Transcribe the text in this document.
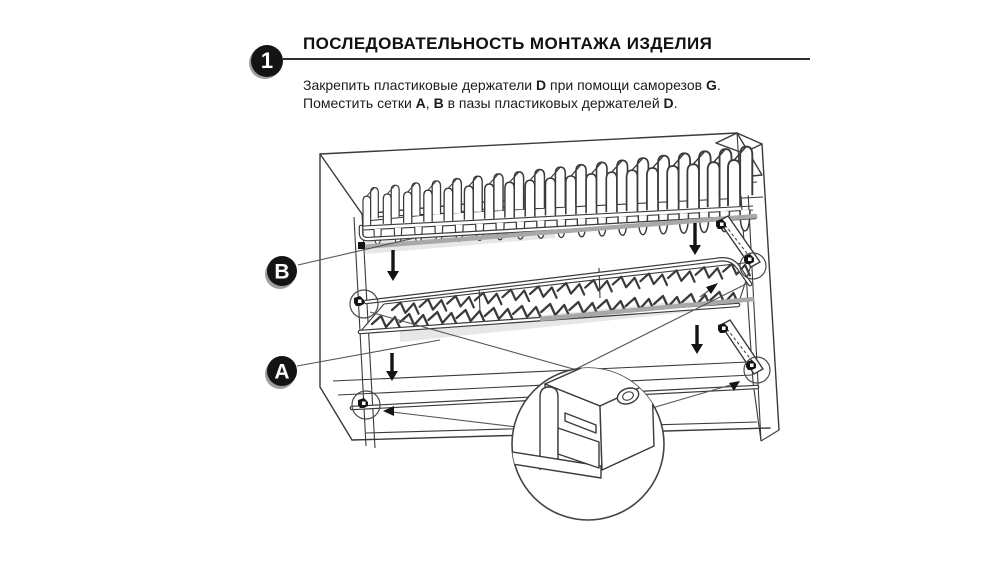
1
ПОСЛЕДОВАТЕЛЬНОСТЬ МОНТАЖА ИЗДЕЛИЯ
Закрепить пластиковые держатели D при помощи саморезов G.
Поместить сетки A, B в пазы пластиковых держателей D.
B
A
